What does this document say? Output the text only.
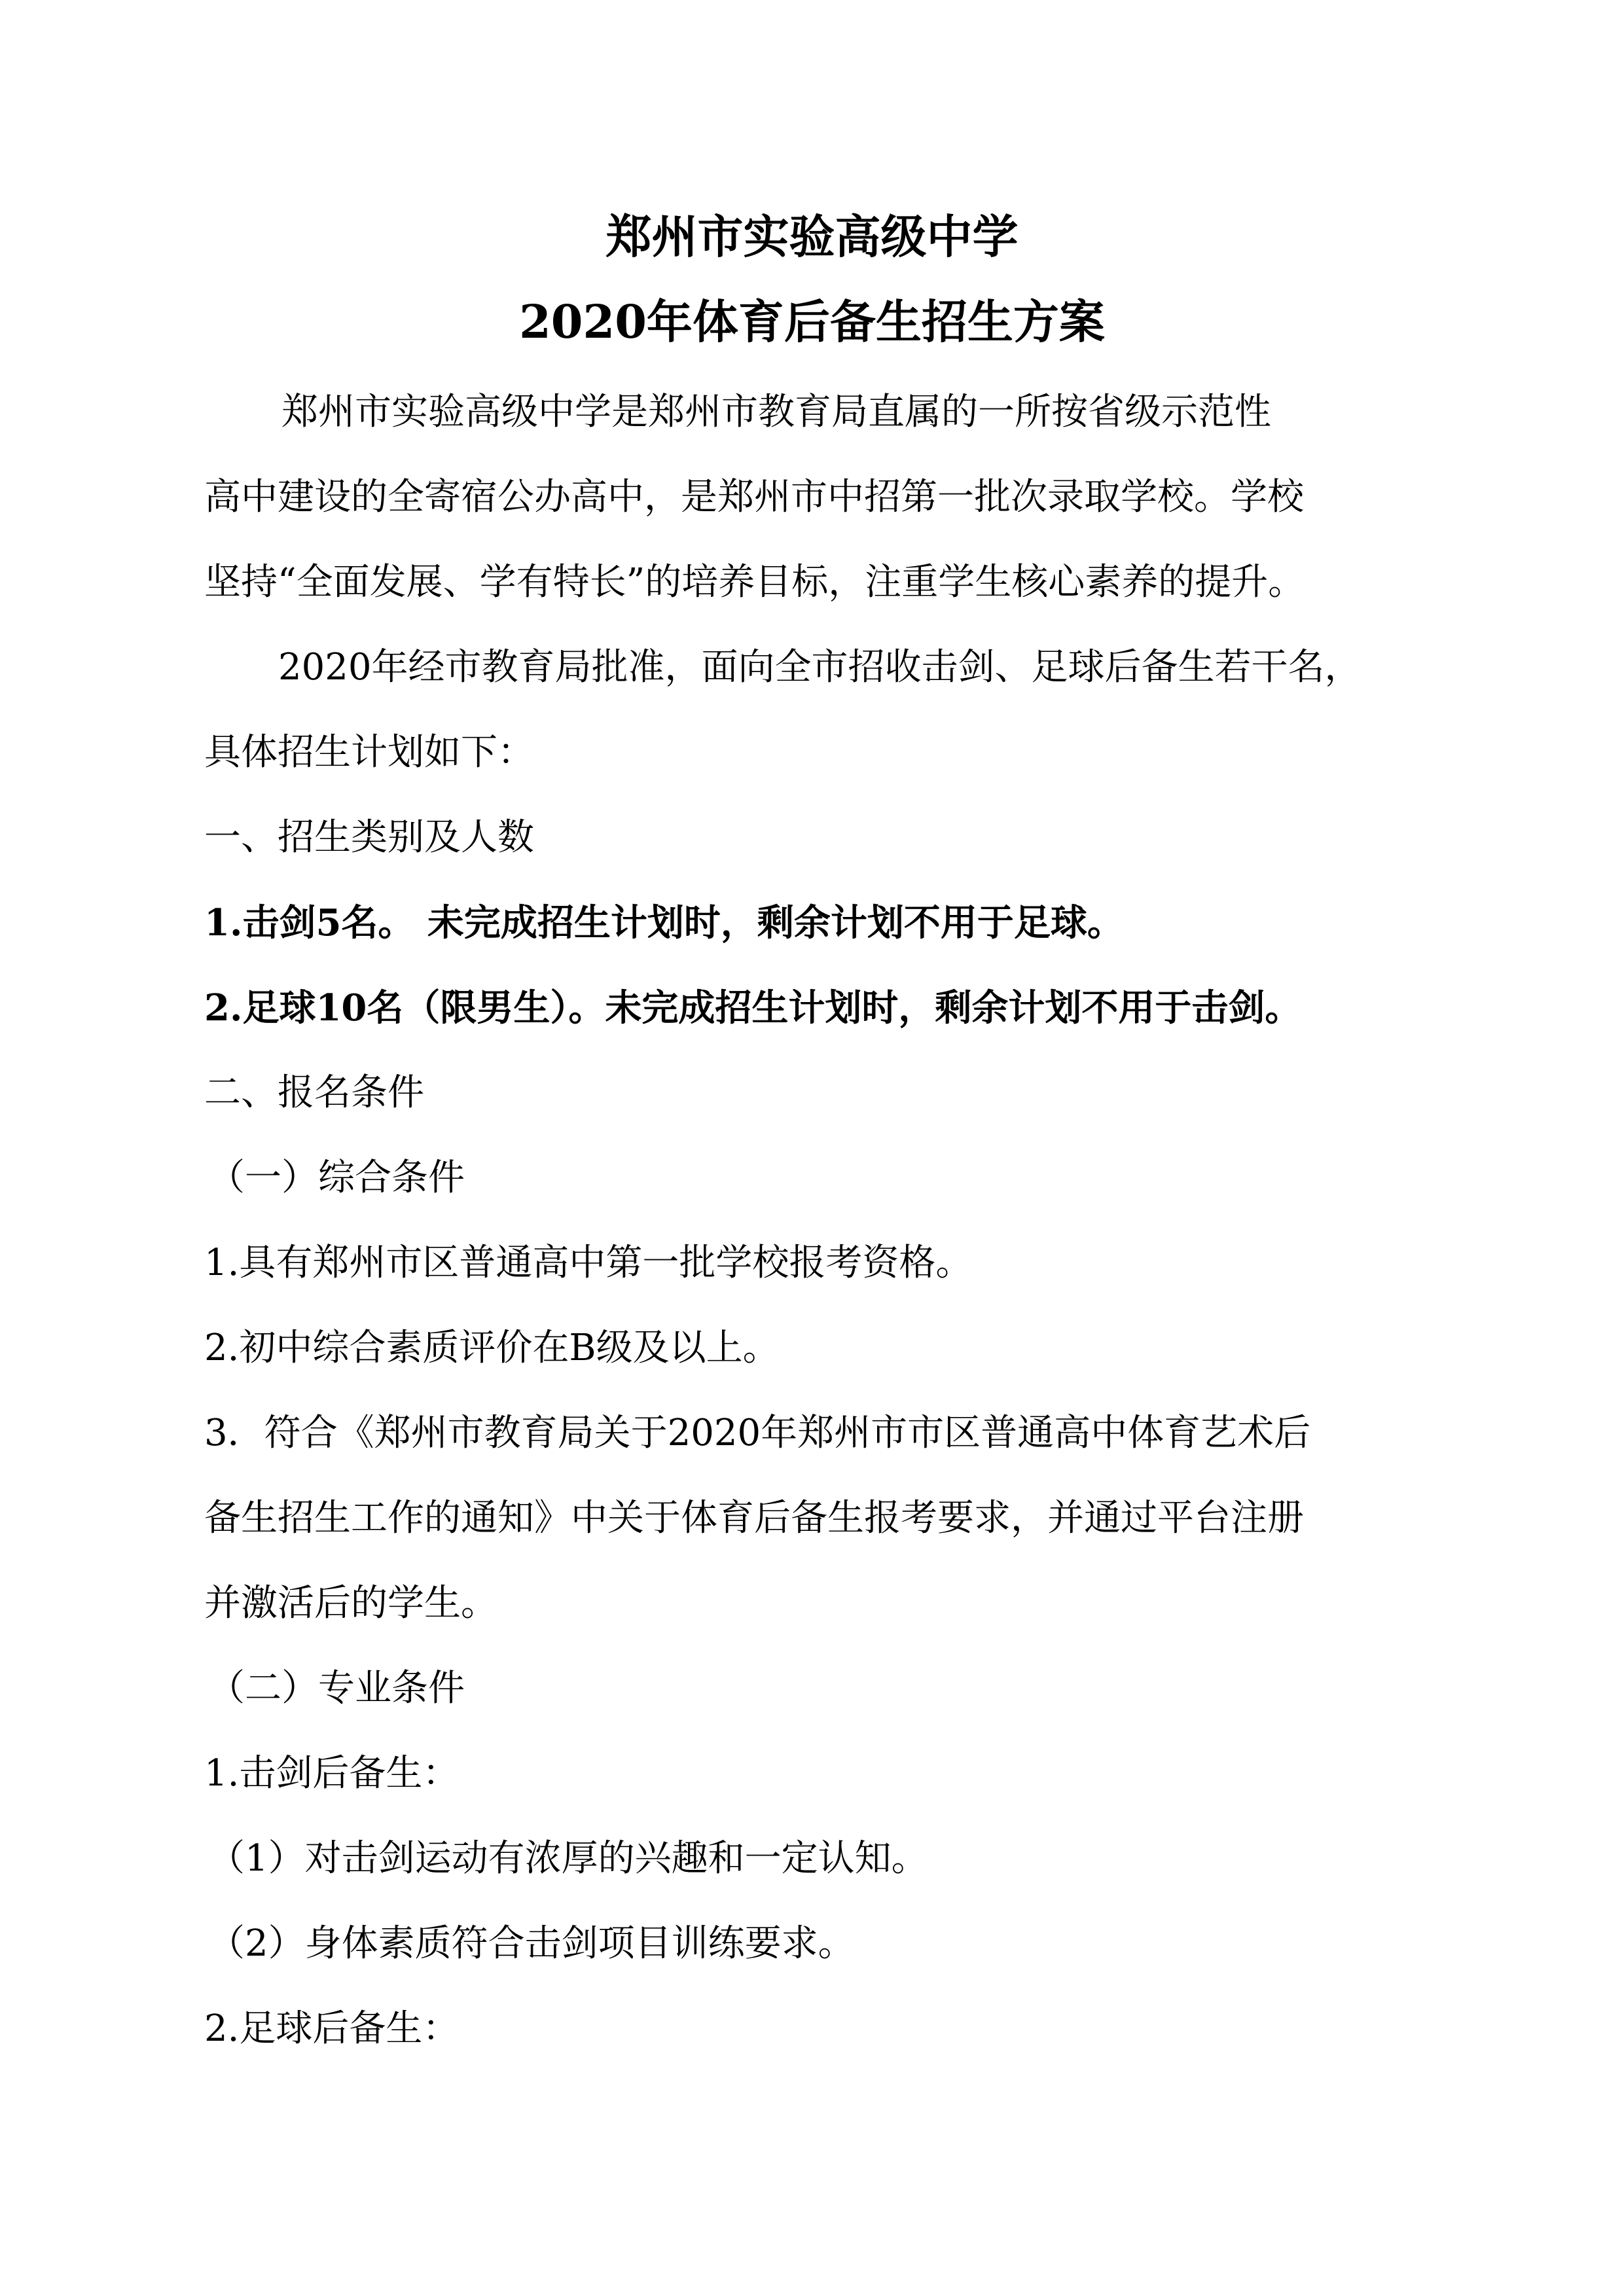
郑州市实验高级中学
2020年体育后备生招生方案
郑州市实验高级中学是郑州市教育局直属的一所按省级示范性
高中建设的全寄宿公办高中，是郑州市中招第一批次录取学校。学校
坚持“全面发展、学有特长”的培养目标，注重学生核心素养的提升。
2020年经市教育局批准，面向全市招收击剑、足球后备生若干名，
具体招生计划如下：
一、招生类别及人数
1.击剑5名。 未完成招生计划时，剩余计划不用于足球。
2.足球10名（限男生）。未完成招生计划时，剩余计划不用于击剑。
二、报名条件
（一）综合条件
1.具有郑州市区普通高中第一批学校报考资格。
2.初中综合素质评价在B级及以上。
3．符合《郑州市教育局关于2020年郑州市市区普通高中体育艺术后
备生招生工作的通知》中关于体育后备生报考要求，并通过平台注册
并激活后的学生。
（二）专业条件
1.击剑后备生：
（1）对击剑运动有浓厚的兴趣和一定认知。
（2）身体素质符合击剑项目训练要求。
2.足球后备生：
